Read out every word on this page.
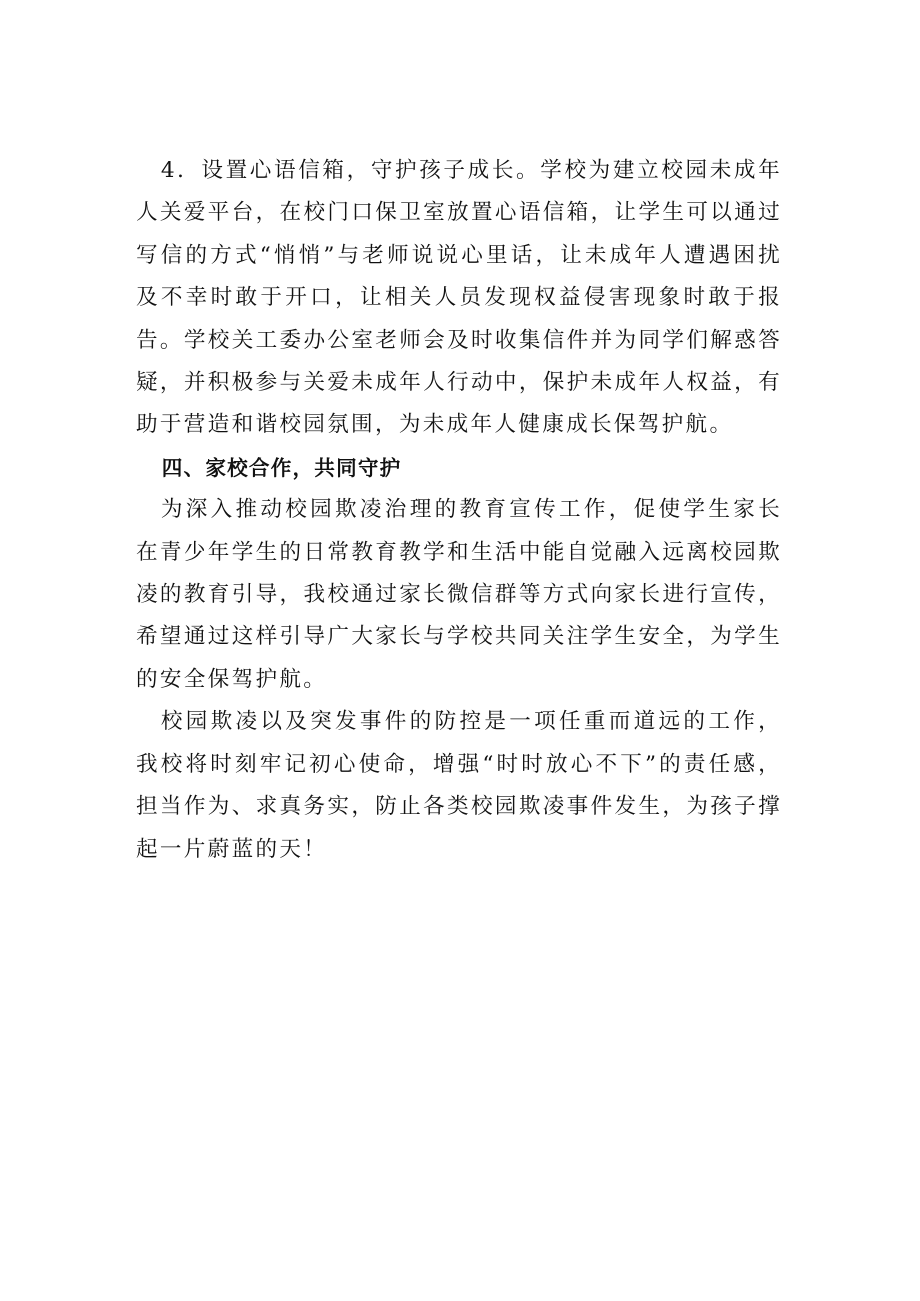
4．设置心语信箱，守护孩子成长。学校为建立校园未成年人关爱平台，在校门口保卫室放置心语信箱，让学生可以通过写信的方式“悄悄”与老师说说心里话，让未成年人遭遇困扰及不幸时敢于开口，让相关人员发现权益侵害现象时敢于报告。学校关工委办公室老师会及时收集信件并为同学们解惑答疑，并积极参与关爱未成年人行动中，保护未成年人权益，有助于营造和谐校园氛围，为未成年人健康成长保驾护航。

四、家校合作，共同守护

为深入推动校园欺凌治理的教育宣传工作，促使学生家长在青少年学生的日常教育教学和生活中能自觉融入远离校园欺凌的教育引导，我校通过家长微信群等方式向家长进行宣传，希望通过这样引导广大家长与学校共同关注学生安全，为学生的安全保驾护航。

校园欺凌以及突发事件的防控是一项任重而道远的工作，我校将时刻牢记初心使命，增强“时时放心不下”的责任感，担当作为、求真务实，防止各类校园欺凌事件发生，为孩子撑起一片蔚蓝的天！
